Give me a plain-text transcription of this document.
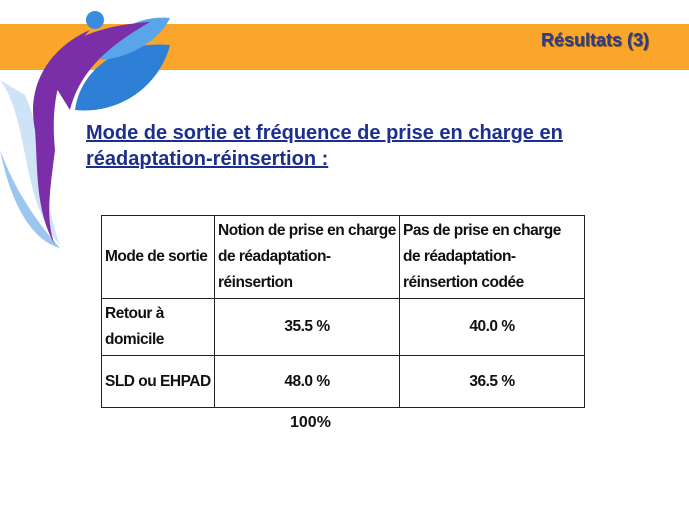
Résultats (3)

Mode de sortie et fréquence de prise en charge en réadaptation-réinsertion :

Mode de sortie	Notion de prise en charge de réadaptation-réinsertion	Pas de prise en charge de réadaptation-réinsertion codée
Retour à domicile	35.5 %	40.0 %
SLD ou EHPAD	48.0 %	36.5 %
100%
